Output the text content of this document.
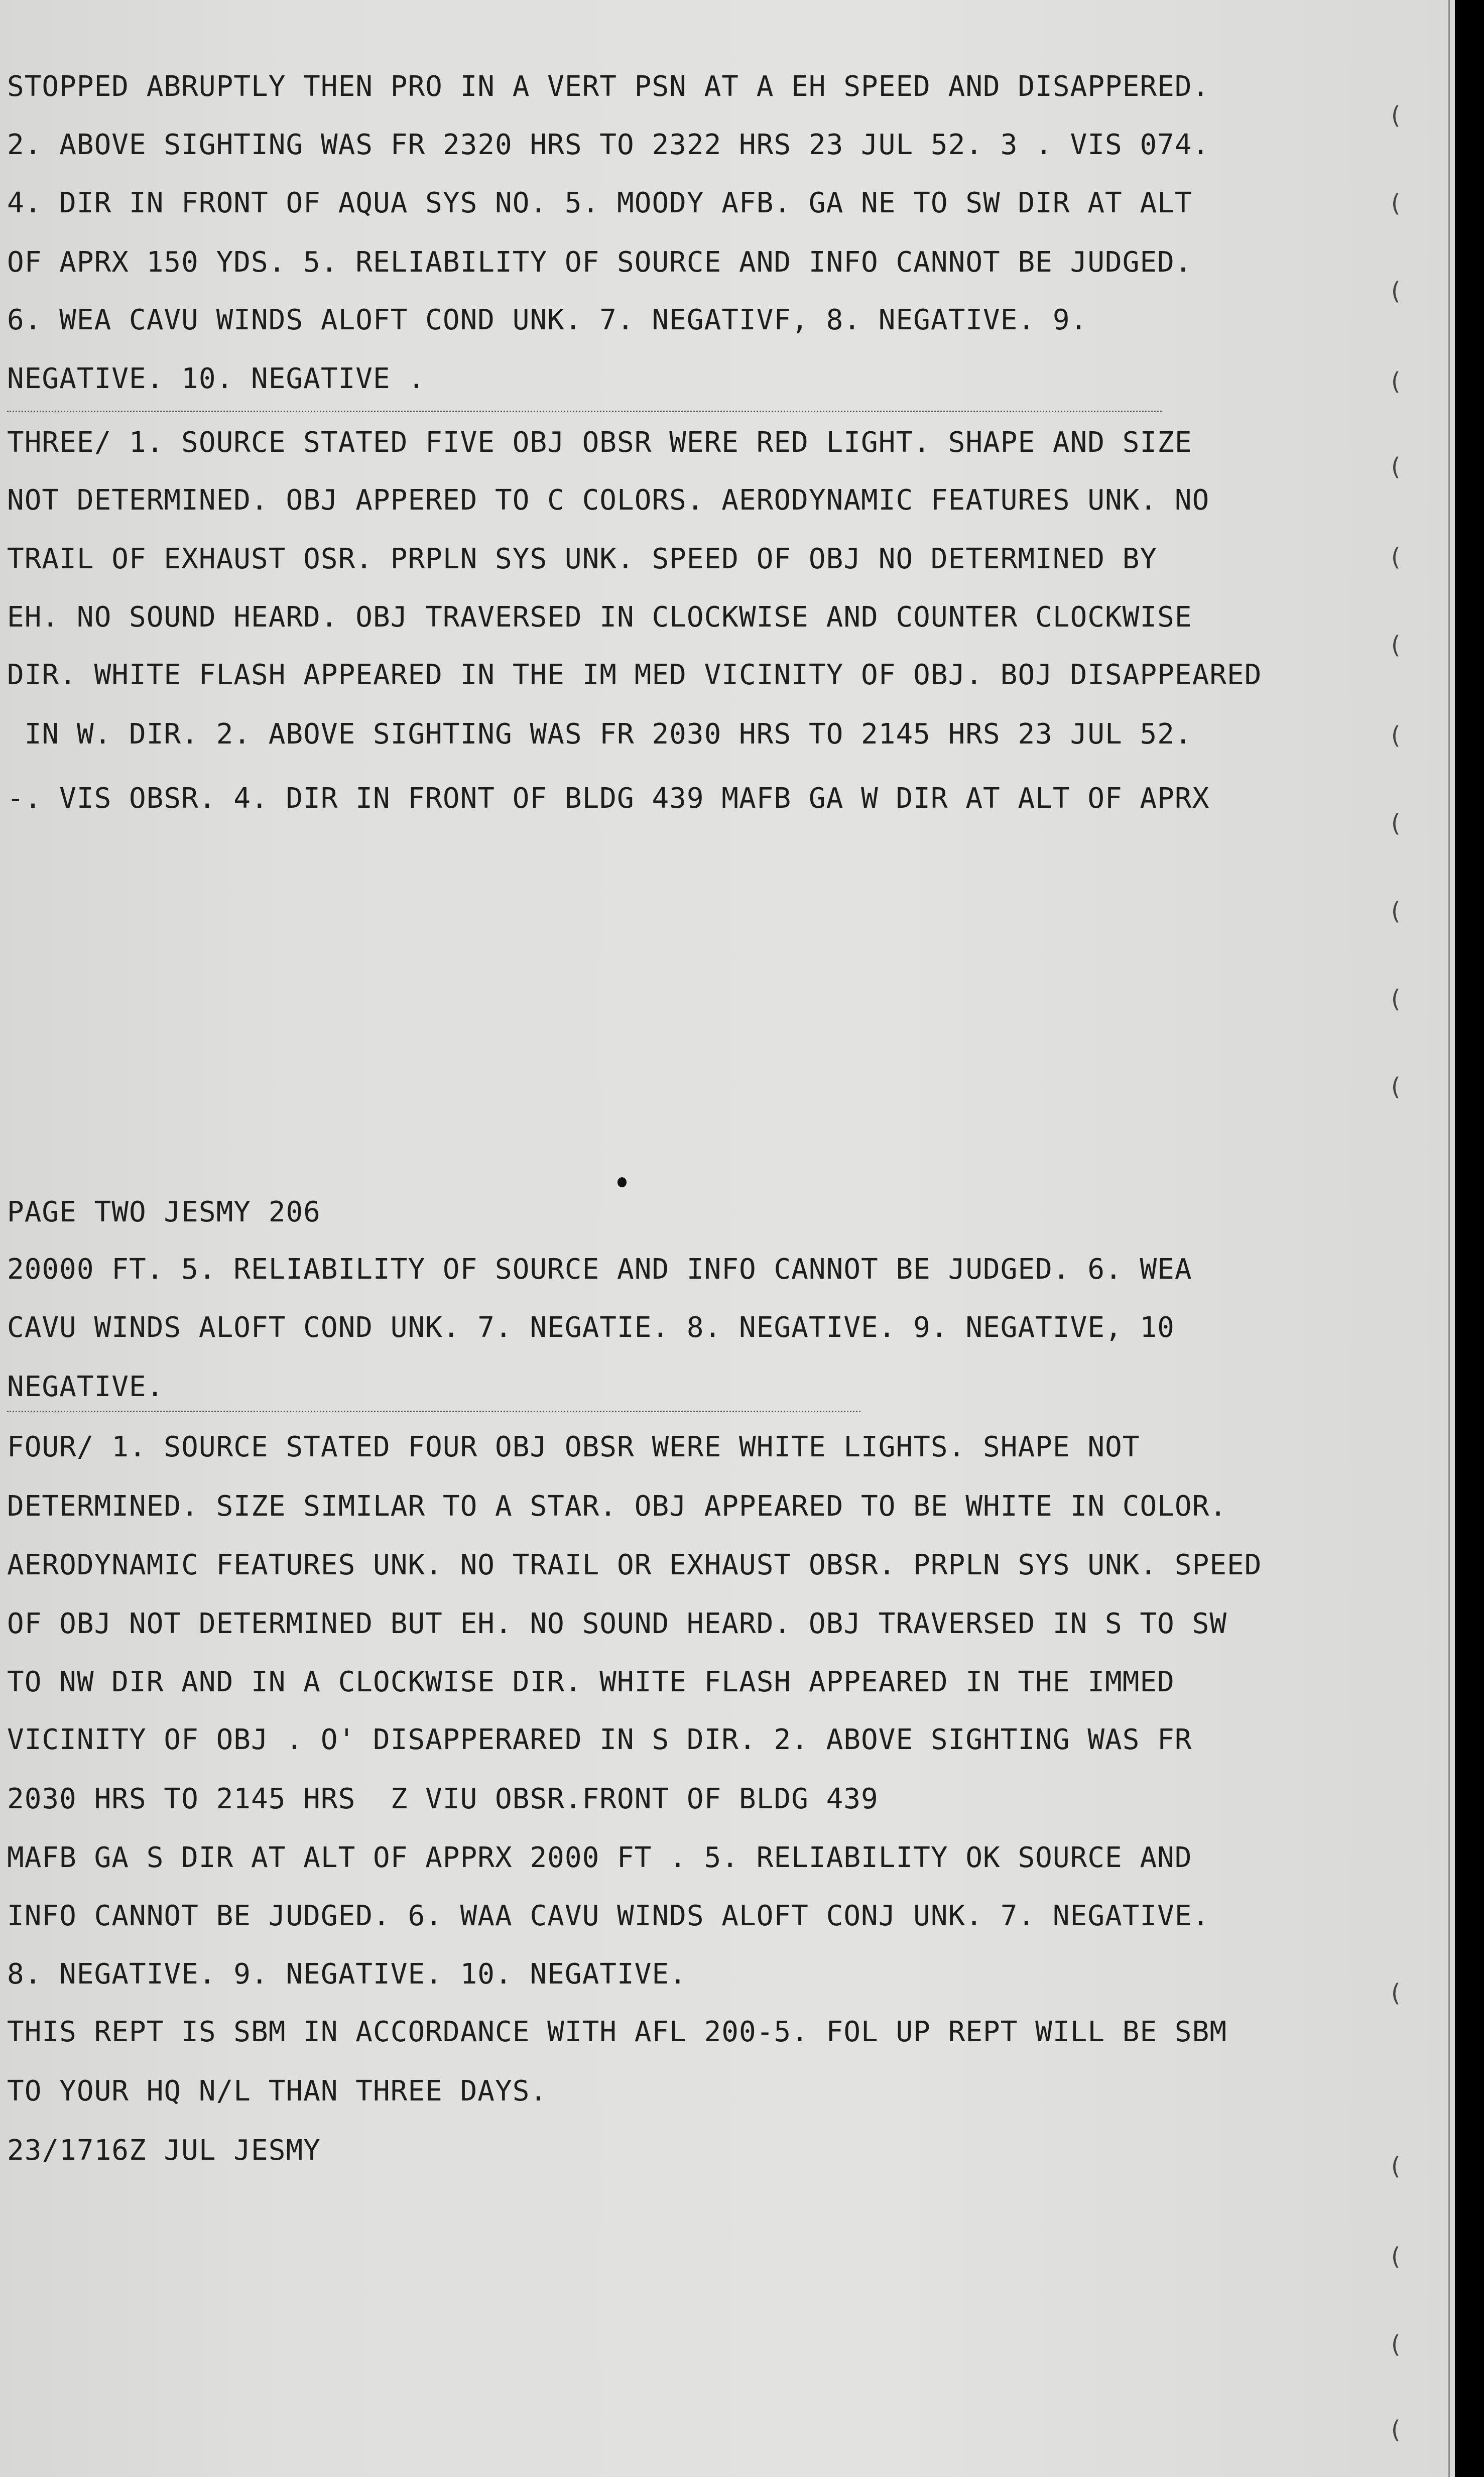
STOPPED ABRUPTLY THEN PRO IN A VERT PSN AT A EH SPEED AND DISAPPERED.

2. ABOVE SIGHTING WAS FR 2320 HRS TO 2322 HRS 23 JUL 52. 3 . VIS 074.

4. DIR IN FRONT OF AQUA SYS NO. 5. MOODY AFB. GA NE TO SW DIR AT ALT

OF APRX 150 YDS. 5. RELIABILITY OF SOURCE AND INFO CANNOT BE JUDGED.

6. WEA CAVU WINDS ALOFT COND UNK. 7. NEGATIVF, 8. NEGATIVE. 9.

NEGATIVE. 10. NEGATIVE .

THREE/ 1. SOURCE STATED FIVE OBJ OBSR WERE RED LIGHT. SHAPE AND SIZE

NOT DETERMINED. OBJ APPERED TO C COLORS. AERODYNAMIC FEATURES UNK. NO

TRAIL OF EXHAUST OSR. PRPLN SYS UNK. SPEED OF OBJ NO DETERMINED BY

EH. NO SOUND HEARD. OBJ TRAVERSED IN CLOCKWISE AND COUNTER CLOCKWISE

DIR. WHITE FLASH APPEARED IN THE IM MED VICINITY OF OBJ. BOJ DISAPPEARED

IN W. DIR. 2. ABOVE SIGHTING WAS FR 2030 HRS TO 2145 HRS 23 JUL 52.

-. VIS OBSR. 4. DIR IN FRONT OF BLDG 439 MAFB GA W DIR AT ALT OF APRX

PAGE TWO JESMY 206

20000 FT. 5. RELIABILITY OF SOURCE AND INFO CANNOT BE JUDGED. 6. WEA

CAVU WINDS ALOFT COND UNK. 7. NEGATIE. 8. NEGATIVE. 9. NEGATIVE, 10

NEGATIVE.

FOUR/ 1. SOURCE STATED FOUR OBJ OBSR WERE WHITE LIGHTS. SHAPE NOT

DETERMINED. SIZE SIMILAR TO A STAR. OBJ APPEARED TO BE WHITE IN COLOR.

AERODYNAMIC FEATURES UNK. NO TRAIL OR EXHAUST OBSR. PRPLN SYS UNK. SPEED

OF OBJ NOT DETERMINED BUT EH. NO SOUND HEARD. OBJ TRAVERSED IN S TO SW

TO NW DIR AND IN A CLOCKWISE DIR. WHITE FLASH APPEARED IN THE IMMED

VICINITY OF OBJ . O' DISAPPERARED IN S DIR. 2. ABOVE SIGHTING WAS FR

2030 HRS TO 2145 HRS  Z VIU OBSR.FRONT OF BLDG 439

MAFB GA S DIR AT ALT OF APPRX 2000 FT . 5. RELIABILITY OK SOURCE AND

INFO CANNOT BE JUDGED. 6. WAA CAVU WINDS ALOFT CONJ UNK. 7. NEGATIVE.

8. NEGATIVE. 9. NEGATIVE. 10. NEGATIVE.

THIS REPT IS SBM IN ACCORDANCE WITH AFL 200-5. FOL UP REPT WILL BE SBM

TO YOUR HQ N/L THAN THREE DAYS.

23/1716Z JUL JESMY

(
(
(
(
(
(
(
(
(
(
(
(
(
(
(
(
(
